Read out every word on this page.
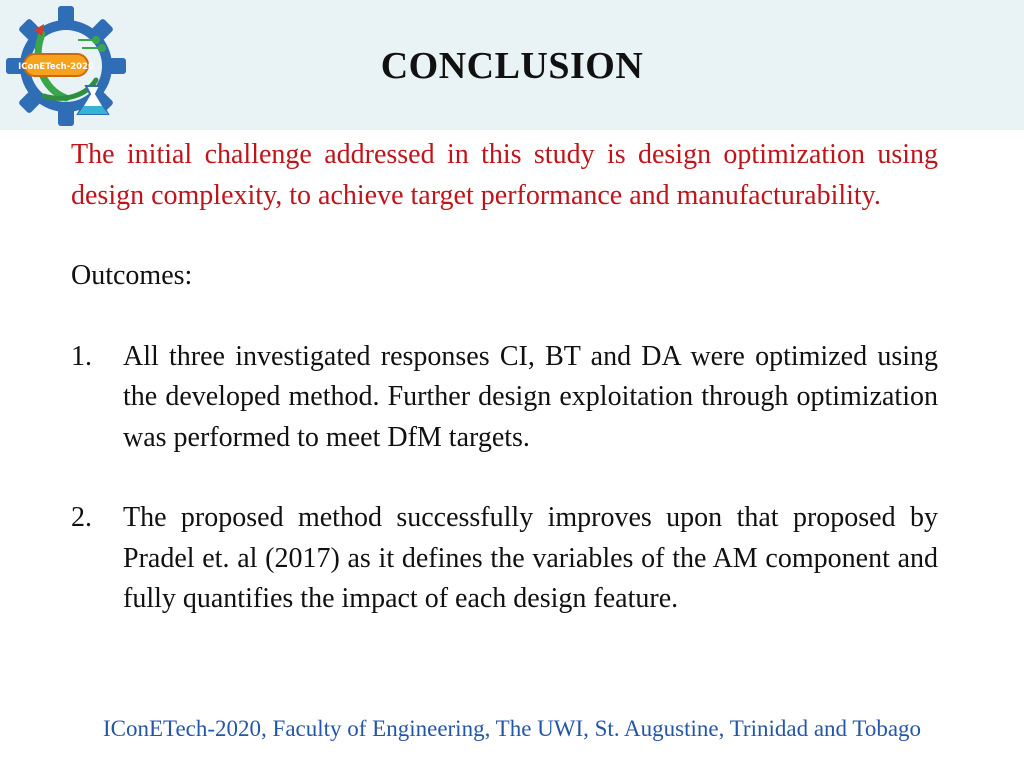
IConETech-2020	CONCLUSION

The initial challenge addressed in this study is design optimization using design complexity, to achieve target performance and manufacturability.

Outcomes:

1. All three investigated responses CI, BT and DA were optimized using the developed method. Further design exploitation through optimization was performed to meet DfM targets.
2. The proposed method successfully improves upon that proposed by Pradel et. al (2017) as it defines the variables of the AM component and fully quantifies the impact of each design feature.
IConETech-2020, Faculty of Engineering, The UWI, St. Augustine, Trinidad and Tobago
